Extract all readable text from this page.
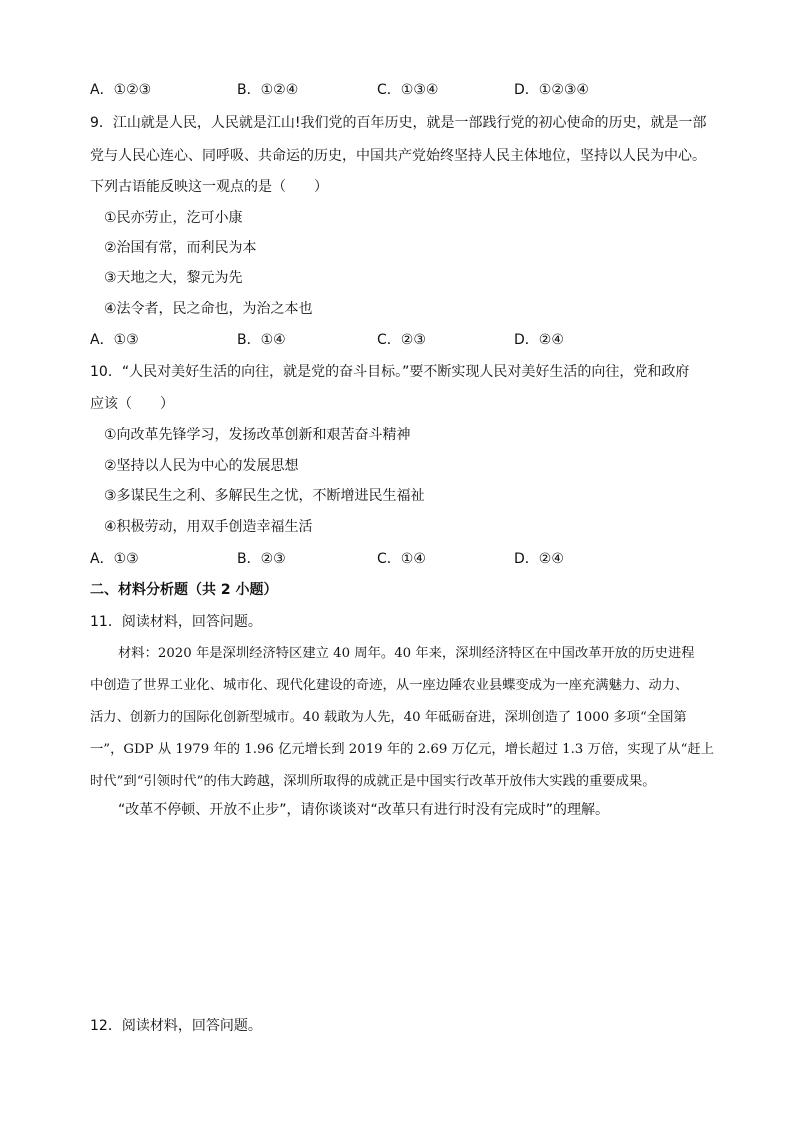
A．①②③	B．①②④	C．①③④	D．①②③④
9．江山就是人民，人民就是江山!我们党的百年历史，就是一部践行党的初心使命的历史，就是一部
党与人民心连心、同呼吸、共命运的历史，中国共产党始终坚持人民主体地位，坚持以人民为中心。
下列古语能反映这一观点的是（　　）
①民亦劳止，汔可小康
②治国有常，而利民为本
③天地之大，黎元为先
④法令者，民之命也，为治之本也
A．①③	B．①④	C．②③	D．②④
10．“人民对美好生活的向往，就是党的奋斗目标。”要不断实现人民对美好生活的向往，党和政府
应该（　　）
①向改革先锋学习，发扬改革创新和艰苦奋斗精神
②坚持以人民为中心的发展思想
③多谋民生之利、多解民生之忧，不断增进民生福祉
④积极劳动，用双手创造幸福生活
A．①③	B．②③	C．①④	D．②④
二、材料分析题（共 2 小题）
11．阅读材料，回答问题。
材料：2020 年是深圳经济特区建立 40 周年。40 年来，深圳经济特区在中国改革开放的历史进程
中创造了世界工业化、城市化、现代化建设的奇迹，从一座边陲农业县蝶变成为一座充满魅力、动力、
活力、创新力的国际化创新型城市。40 载敢为人先，40 年砥砺奋进，深圳创造了 1000 多项“全国第
一”，GDP 从 1979 年的 1.96 亿元增长到 2019 年的 2.69 万亿元，增长超过 1.3 万倍，实现了从“赶上
时代”到“引领时代”的伟大跨越，深圳所取得的成就正是中国实行改革开放伟大实践的重要成果。
“改革不停顿、开放不止步”，请你谈谈对“改革只有进行时没有完成时”的理解。
12．阅读材料，回答问题。
